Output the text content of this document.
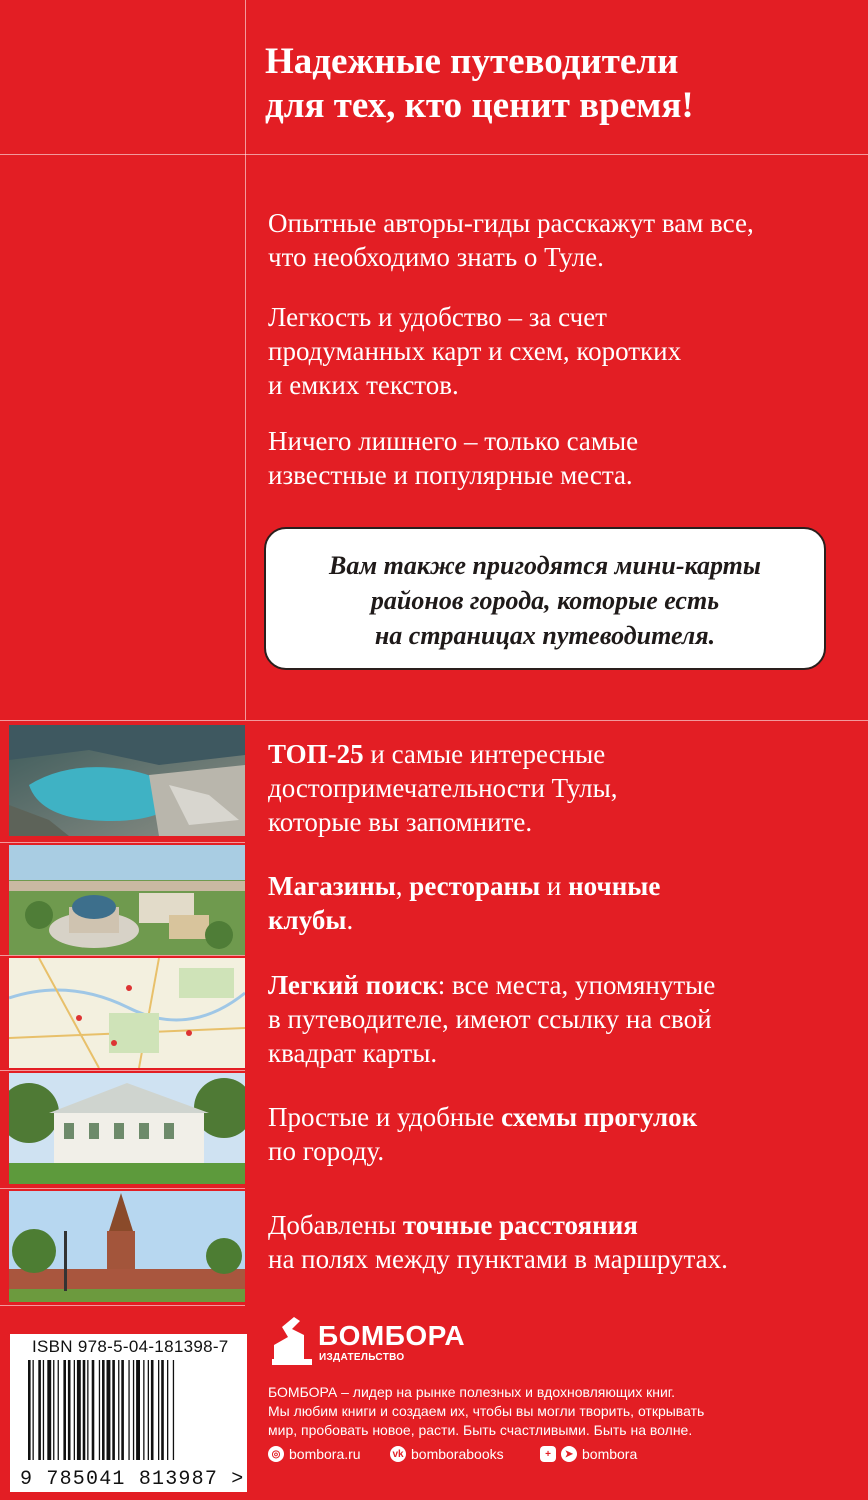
Надежные путеводители
для тех, кто ценит время!

Опытные авторы-гиды расскажут вам все,
что необходимо знать о Туле.

Легкость и удобство – за счет
продуманных карт и схем, коротких
и емких текстов.

Ничего лишнего – только самые
известные и популярные места.

Вам также пригодятся мини-карты
районов города, которые есть
на страницах путеводителя.

ТОП-25 и самые интересные
достопримечательности Тулы,
которые вы запомните.

Магазины, рестораны и ночные
клубы.

Легкий поиск: все места, упомянутые
в путеводителе, имеют ссылку на свой
квадрат карты.

Простые и удобные схемы прогулок
по городу.

Добавлены точные расстояния
на полях между пунктами в маршрутах.

ISBN 978-5-04-181398-7
9 785041 813987 >
БОМБОРА
ИЗДАТЕЛЬСТВО

БОМБОРА – лидер на рынке полезных и вдохновляющих книг.
Мы любим книги и создаем их, чтобы вы могли творить, открывать
мир, пробовать новое, расти. Быть счастливыми. Быть на волне.

◎ bombora.ru	vk bomborabooks	+	➤ bombora
